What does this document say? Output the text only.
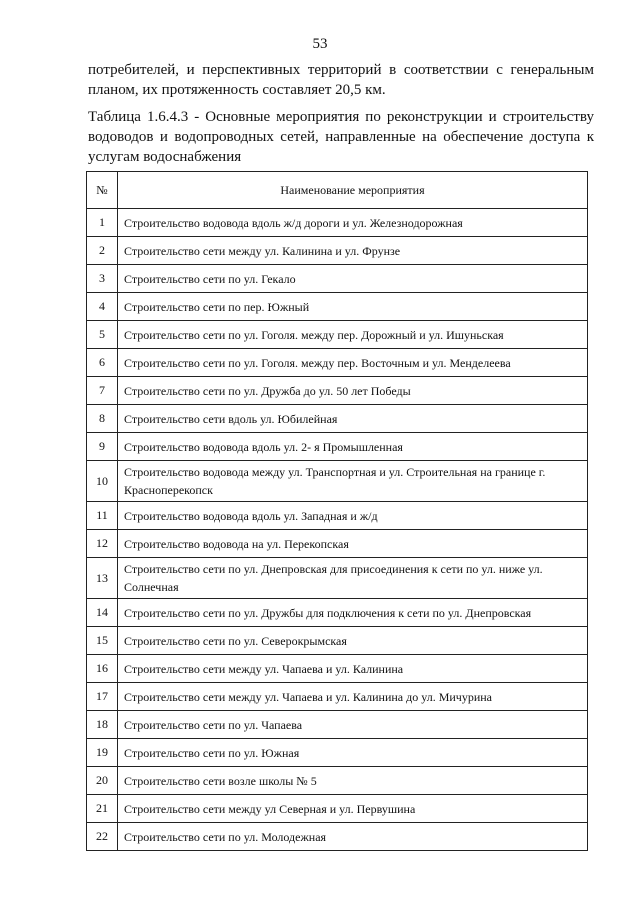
53

потребителей, и перспективных территорий в соответствии с генеральным планом, их протяженность составляет 20,5 км.

Таблица 1.6.4.3 - Основные мероприятия по реконструкции и строительству водоводов и водопроводных сетей, направленные на обеспечение доступа к услугам водоснабжения

№	Наименование мероприятия
1	Строительство водовода вдоль ж/д дороги и ул. Железнодорожная
2	Строительство сети между ул. Калинина и ул. Фрунзе
3	Строительство сети по ул. Гекало
4	Строительство сети по пер. Южный
5	Строительство сети по ул. Гоголя. между пер. Дорожный и ул. Ишуньская
6	Строительство сети по ул. Гоголя. между пер. Восточным и ул. Менделеева
7	Строительство сети по ул. Дружба до ул. 50 лет Победы
8	Строительство сети вдоль ул. Юбилейная
9	Строительство водовода вдоль ул. 2- я Промышленная
10	Строительство водовода между ул. Транспортная и ул. Строительная на границе г. Красноперекопск
11	Строительство водовода вдоль ул. Западная и ж/д
12	Строительство водовода на ул. Перекопская
13	Строительство сети по ул. Днепровская для присоединения к сети по ул. ниже ул. Солнечная
14	Строительство сети по ул. Дружбы для подключения к сети по ул. Днепровская
15	Строительство сети по ул. Северокрымская
16	Строительство сети между ул. Чапаева и ул. Калинина
17	Строительство сети между ул. Чапаева и ул. Калинина до ул. Мичурина
18	Строительство сети по ул. Чапаева
19	Строительство сети по ул. Южная
20	Строительство сети возле школы № 5
21	Строительство сети между ул Северная и ул. Первушина
22	Строительство сети по ул. Молодежная
